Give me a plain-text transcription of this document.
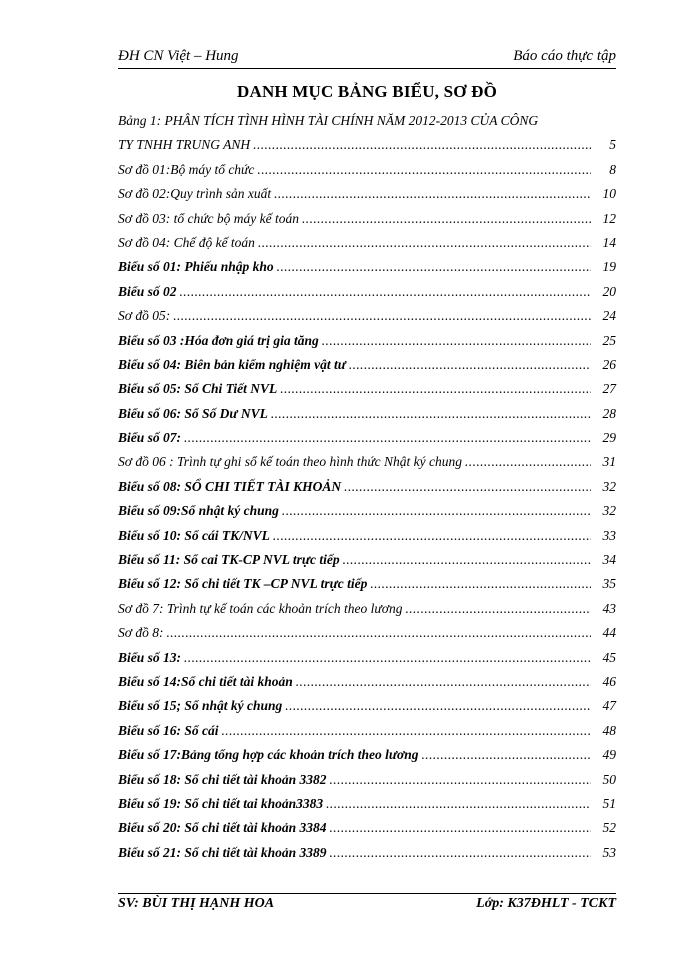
ĐH CN Việt – Hung	Báo cáo thực tập
DANH MỤC BẢNG BIỂU, SƠ ĐỒ
Bảng 1: PHÂN TÍCH TÌNH HÌNH TÀI CHÍNH NĂM 2012-2013 CỦA CÔNG
TY TNHH TRUNG ANH .....	5
Sơ đồ 01:Bộ máy tổ chức .....	8
Sơ đồ 02:Quy trình sản xuất .....	10
Sơ đồ 03: tổ chức bộ máy kế toán .....	12
Sơ đồ 04: Chế độ kế toán .....	14
Biểu số 01: Phiếu nhập kho .....	19
Biểu số 02 .....	20
Sơ đồ 05: .....	24
Biểu số 03 :Hóa đơn giá trị gia tăng .....	25
Biểu số 04: Biên bản kiểm nghiệm vật tư .....	26
Biểu số 05: Sổ Chi Tiết NVL .....	27
Biểu số 06: Sổ Số Dư NVL .....	28
Biểu số 07: .....	29
Sơ đồ 06 : Trình tự ghi sổ kế toán theo hình thức Nhật ký chung .....	31
Biểu số 08: SỔ CHI TIẾT TÀI KHOẢN .....	32
Biểu số 09:Sổ nhật ký chung .....	32
Biểu số 10: Sổ cái TK/NVL .....	33
Biểu số 11: Sổ cai TK-CP NVL trực tiếp .....	34
Biểu số 12: Sổ chi tiết TK –CP NVL trực tiếp .....	35
Sơ đồ 7: Trình tự kế toán các khoản trích theo lương .....	43
Sơ đồ 8: .....	44
Biểu số 13: .....	45
Biểu số 14:Sổ chi tiết tài khoản .....	46
Biểu số 15; Sổ nhật ký chung .....	47
Biểu số 16: Sổ cái .....	48
Biểu số 17:Bảng tổng hợp các khoản trích theo lương .....	49
Biểu số 18: Sổ chi tiết tài khoản 3382 .....	50
Biểu số 19: Sổ chi tiết tai khoản3383 .....	51
Biểu số 20: Sổ chi tiết tài khoản 3384 .....	52
Biểu số 21: Sổ chi tiết tài khoản 3389 .....	53
SV: BÙI THỊ HẠNH HOA	Lớp: K37ĐHLT - TCKT
